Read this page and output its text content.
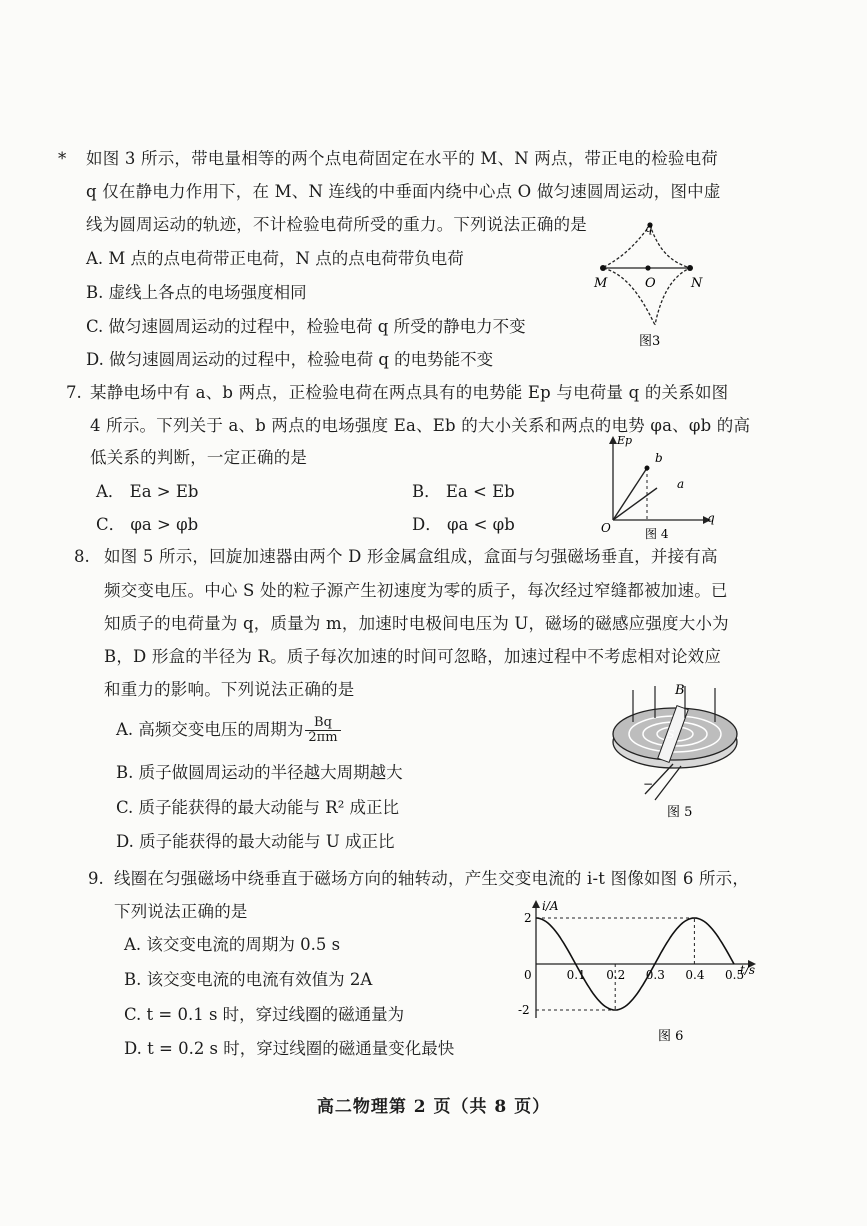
* 如图 3 所示，带电量相等的两个点电荷固定在水平的 M、N 两点，带正电的检验电荷
q 仅在静电力作用下，在 M、N 连线的中垂面内绕中心点 O 做匀速圆周运动，图中虚
线为圆周运动的轨迹，不计检验电荷所受的重力。下列说法正确的是
A. M 点的点电荷带正电荷，N 点的点电荷带负电荷
B. 虚线上各点的电场强度相同
C. 做匀速圆周运动的过程中，检验电荷 q 所受的静电力不变
D. 做匀速圆周运动的过程中，检验电荷 q 的电势能不变
q
M	O	N
图3
7. 某静电场中有 a、b 两点，正检验电荷在两点具有的电势能 Ep 与电荷量 q 的关系如图
4 所示。下列关于 a、b 两点的电场强度 Ea、Eb 的大小关系和两点的电势 φa、φb 的高
低关系的判断，一定正确的是
A． Ea > Eb	B． Ea < Eb
C． φa > φb	D． φa < φb
Ep
q
O
b
a
图 4
8. 如图 5 所示，回旋加速器由两个 D 形金属盒组成，盒面与匀强磁场垂直，并接有高
频交变电压。中心 S 处的粒子源产生初速度为零的质子，每次经过窄缝都被加速。已
知质子的电荷量为 q，质量为 m，加速时电极间电压为 U，磁场的磁感应强度大小为
B，D 形盒的半径为 R。质子每次加速的时间可忽略，加速过程中不考虑相对论效应
和重力的影响。下列说法正确的是
A. 高频交变电压的周期为 $\frac{Bq}{2\pi m}$
B. 质子做圆周运动的半径越大周期越大
C. 质子能获得的最大动能与 R² 成正比
D. 质子能获得的最大动能与 U 成正比
S
B
−
图 5
9. 线圈在匀强磁场中绕垂直于磁场方向的轴转动，产生交变电流的 i-t 图像如图 6 所示，
下列说法正确的是
A. 该交变电流的周期为 0.5 s
B. 该交变电流的电流有效值为 2A
C. t = 0.1 s 时，穿过线圈的磁通量为
D. t = 0.2 s 时，穿过线圈的磁通量变化最快
i/A
t/s
0	0.1 0.2 0.3 0.4 0.5
2
-2
图 6
高二物理第 2 页（共 8 页）
